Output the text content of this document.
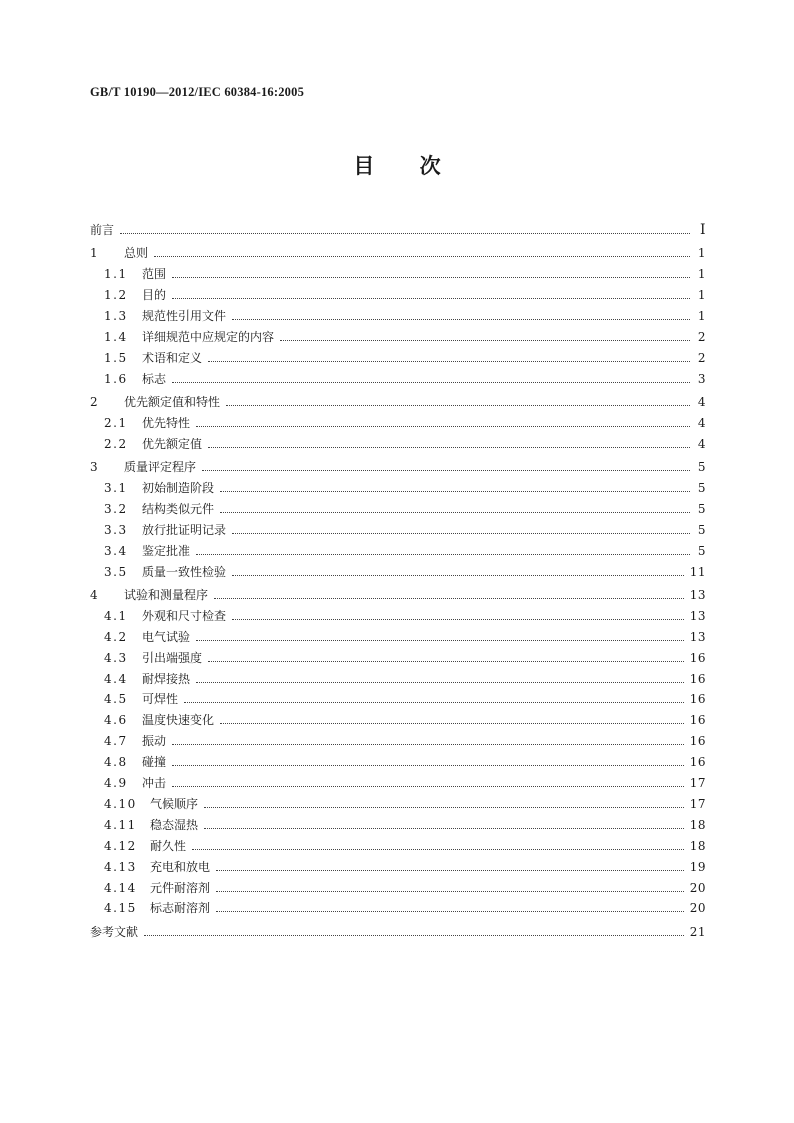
GB/T 10190—2012/IEC 60384-16:2005
目 次
前言	I
1	总则	1
1.1 范围	1
1.2 目的	1
1.3 规范性引用文件	1
1.4 详细规范中应规定的内容	2
1.5 术语和定义	2
1.6 标志	3
2	优先额定值和特性	4
2.1 优先特性	4
2.2 优先额定值	4
3	质量评定程序	5
3.1 初始制造阶段	5
3.2 结构类似元件	5
3.3 放行批证明记录	5
3.4 鉴定批准	5
3.5 质量一致性检验	11
4	试验和测量程序	13
4.1 外观和尺寸检查	13
4.2 电气试验	13
4.3 引出端强度	16
4.4 耐焊接热	16
4.5 可焊性	16
4.6 温度快速变化	16
4.7 振动	16
4.8 碰撞	16
4.9 冲击	17
4.10 气候顺序	17
4.11 稳态湿热	18
4.12 耐久性	18
4.13 充电和放电	19
4.14 元件耐溶剂	20
4.15 标志耐溶剂	20
参考文献	21
